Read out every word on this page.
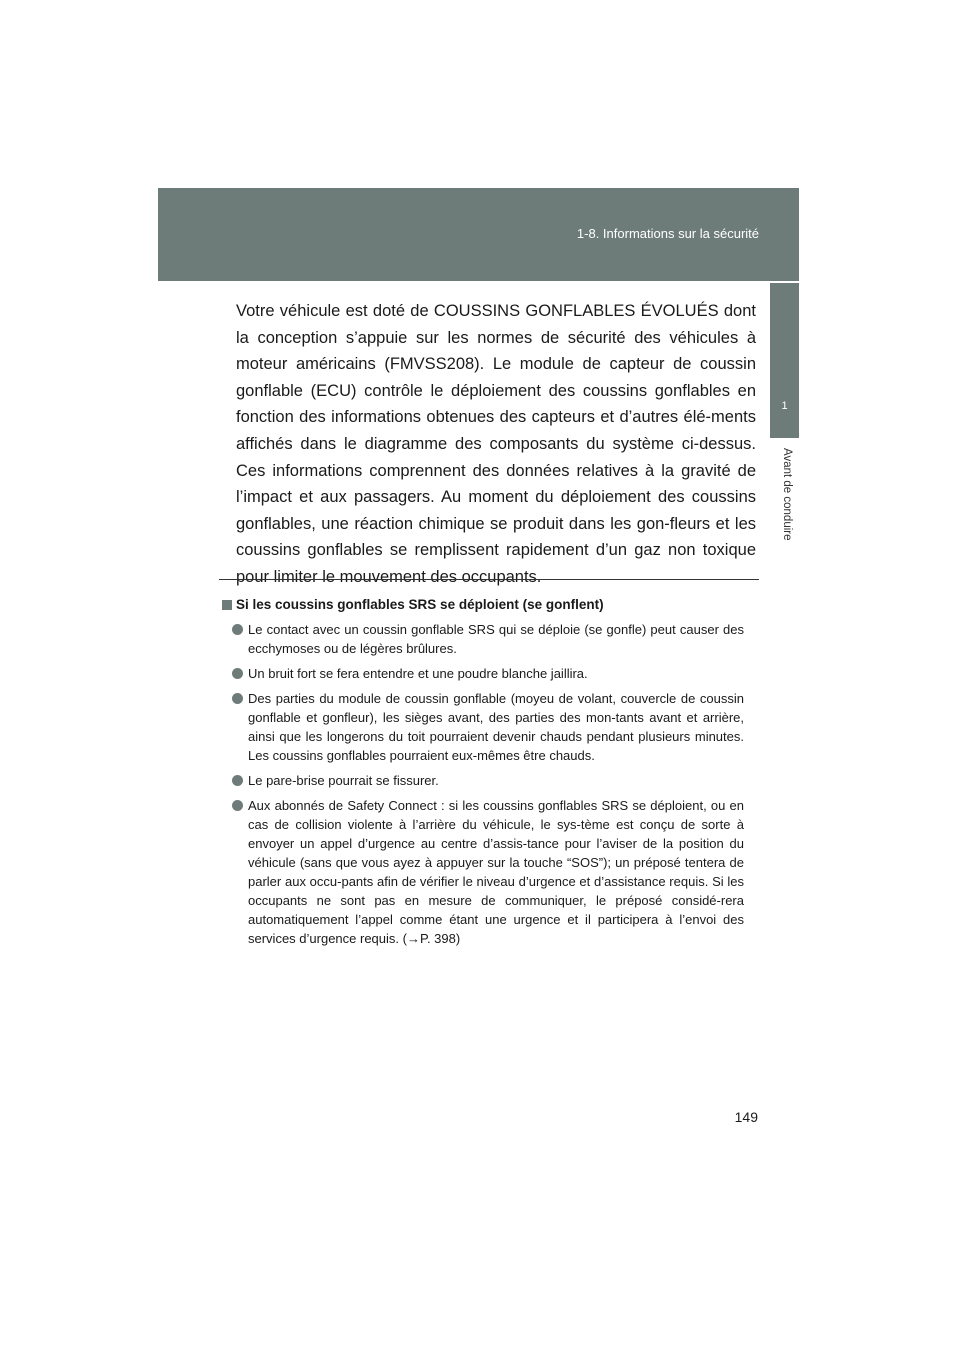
1-8. Informations sur la sécurité
1
Avant de conduire

Votre véhicule est doté de COUSSINS GONFLABLES ÉVOLUÉS dont la conception s’appuie sur les normes de sécurité des véhicules à moteur américains (FMVSS208). Le module de capteur de coussin gonflable (ECU) contrôle le déploiement des coussins gonflables en fonction des informations obtenues des capteurs et d’autres élé-ments affichés dans le diagramme des composants du système ci-dessus. Ces informations comprennent des données relatives à la gravité de l’impact et aux passagers. Au moment du déploiement des coussins gonflables, une réaction chimique se produit dans les gon-fleurs et les coussins gonflables se remplissent rapidement d’un gaz non toxique pour limiter le mouvement des occupants.

Si les coussins gonflables SRS se déploient (se gonflent)
Le contact avec un coussin gonflable SRS qui se déploie (se gonfle) peut causer des ecchymoses ou de légères brûlures.
Un bruit fort se fera entendre et une poudre blanche jaillira.
Des parties du module de coussin gonflable (moyeu de volant, couvercle de coussin gonflable et gonfleur), les sièges avant, des parties des mon-tants avant et arrière, ainsi que les longerons du toit pourraient devenir chauds pendant plusieurs minutes. Les coussins gonflables pourraient eux-mêmes être chauds.
Le pare-brise pourrait se fissurer.
Aux abonnés de Safety Connect : si les coussins gonflables SRS se déploient, ou en cas de collision violente à l’arrière du véhicule, le sys-tème est conçu de sorte à envoyer un appel d’urgence au centre d’assis-tance pour l’aviser de la position du véhicule (sans que vous ayez à appuyer sur la touche “SOS”); un préposé tentera de parler aux occu-pants afin de vérifier le niveau d’urgence et d’assistance requis. Si les occupants ne sont pas en mesure de communiquer, le préposé considé-rera automatiquement l’appel comme étant une urgence et il participera à l’envoi des services d’urgence requis. (→P. 398)
149
